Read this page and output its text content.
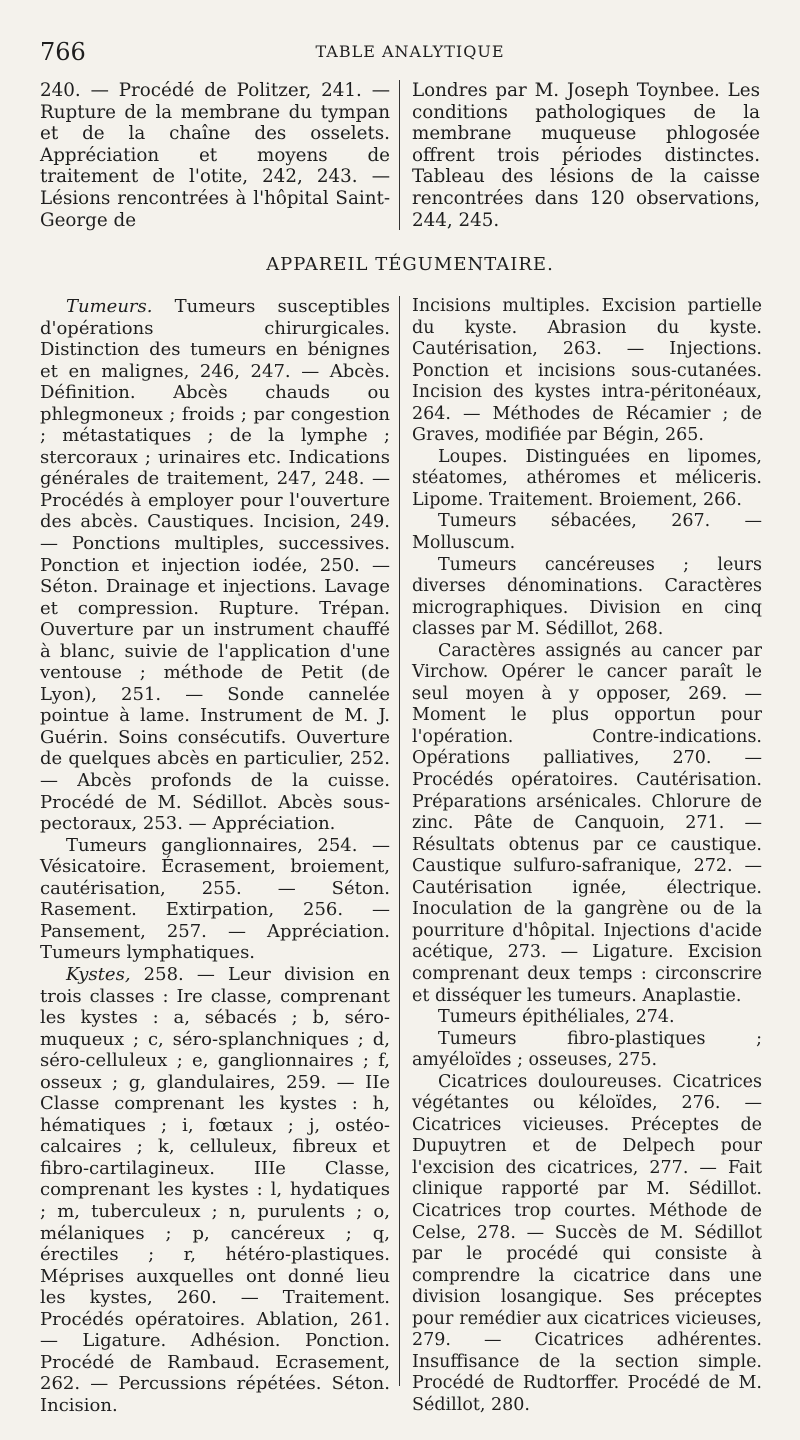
766	TABLE ANALYTIQUE

240. — Procédé de Politzer, 241. — Rupture de la membrane du tympan et de la chaîne des osselets. Appréciation et moyens de traitement de l'otite, 242, 243. — Lésions rencontrées à l'hôpital Saint-George de

Londres par M. Joseph Toynbee. Les conditions pathologiques de la membrane muqueuse phlogosée offrent trois périodes distinctes. Tableau des lésions de la caisse rencontrées dans 120 observations, 244, 245.

APPAREIL TÉGUMENTAIRE.

Tumeurs. Tumeurs susceptibles d'opérations chirurgicales. Distinction des tumeurs en bénignes et en malignes, 246, 247. — Abcès. Définition. Abcès chauds ou phlegmoneux ; froids ; par congestion ; métastatiques ; de la lymphe ; stercoraux ; urinaires etc. Indications générales de traitement, 247, 248. — Procédés à employer pour l'ouverture des abcès. Caustiques. Incision, 249. — Ponctions multiples, successives. Ponction et injection iodée, 250. — Séton. Drainage et injections. Lavage et compression. Rupture. Trépan. Ouverture par un instrument chauffé à blanc, suivie de l'application d'une ventouse ; méthode de Petit (de Lyon), 251. — Sonde cannelée pointue à lame. Instrument de M. J. Guérin. Soins consécutifs. Ouverture de quelques abcès en particulier, 252. — Abcès profonds de la cuisse. Procédé de M. Sédillot. Abcès sous-pectoraux, 253. — Appréciation.

Tumeurs ganglionnaires, 254. — Vésicatoire. Écrasement, broiement, cautérisation, 255. — Séton. Rasement. Extirpation, 256. — Pansement, 257. — Appréciation. Tumeurs lymphatiques.

Kystes, 258. — Leur division en trois classes : Ire classe, comprenant les kystes : a, sébacés ; b, séro-muqueux ; c, séro-splanchniques ; d, séro-celluleux ; e, ganglionnaires ; f, osseux ; g, glandulaires, 259. — IIe Classe comprenant les kystes : h, hématiques ; i, fœtaux ; j, ostéo-calcaires ; k, celluleux, fibreux et fibro-cartilagineux. IIIe Classe, comprenant les kystes : l, hydatiques ; m, tuberculeux ; n, purulents ; o, mélaniques ; p, cancéreux ; q, érectiles ; r, hétéro-plastiques. Méprises auxquelles ont donné lieu les kystes, 260. — Traitement. Procédés opératoires. Ablation, 261. — Ligature. Adhésion. Ponction. Procédé de Rambaud. Ecrasement, 262. — Percussions répétées. Séton. Incision.

Incisions multiples. Excision partielle du kyste. Abrasion du kyste. Cautérisation, 263. — Injections. Ponction et incisions sous-cutanées. Incision des kystes intra-péritonéaux, 264. — Méthodes de Récamier ; de Graves, modifiée par Bégin, 265.

Loupes. Distinguées en lipomes, stéatomes, athéromes et méliceris. Lipome. Traitement. Broiement, 266.

Tumeurs sébacées, 267. — Molluscum.

Tumeurs cancéreuses ; leurs diverses dénominations. Caractères micrographiques. Division en cinq classes par M. Sédillot, 268.

Caractères assignés au cancer par Virchow. Opérer le cancer paraît le seul moyen à y opposer, 269. — Moment le plus opportun pour l'opération. Contre-indications. Opérations palliatives, 270. — Procédés opératoires. Cautérisation. Préparations arsénicales. Chlorure de zinc. Pâte de Canquoin, 271. — Résultats obtenus par ce caustique. Caustique sulfuro-safranique, 272. — Cautérisation ignée, électrique. Inoculation de la gangrène ou de la pourriture d'hôpital. Injections d'acide acétique, 273. — Ligature. Excision comprenant deux temps : circonscrire et disséquer les tumeurs. Anaplastie.

Tumeurs épithéliales, 274.

Tumeurs fibro-plastiques ; amyéloïdes ; osseuses, 275.

Cicatrices douloureuses. Cicatrices végétantes ou kéloïdes, 276. — Cicatrices vicieuses. Préceptes de Dupuytren et de Delpech pour l'excision des cicatrices, 277. — Fait clinique rapporté par M. Sédillot. Cicatrices trop courtes. Méthode de Celse, 278. — Succès de M. Sédillot par le procédé qui consiste à comprendre la cicatrice dans une division losangique. Ses préceptes pour remédier aux cicatrices vicieuses, 279. — Cicatrices adhérentes. Insuffisance de la section simple. Procédé de Rudtorffer. Procédé de M. Sédillot, 280.
